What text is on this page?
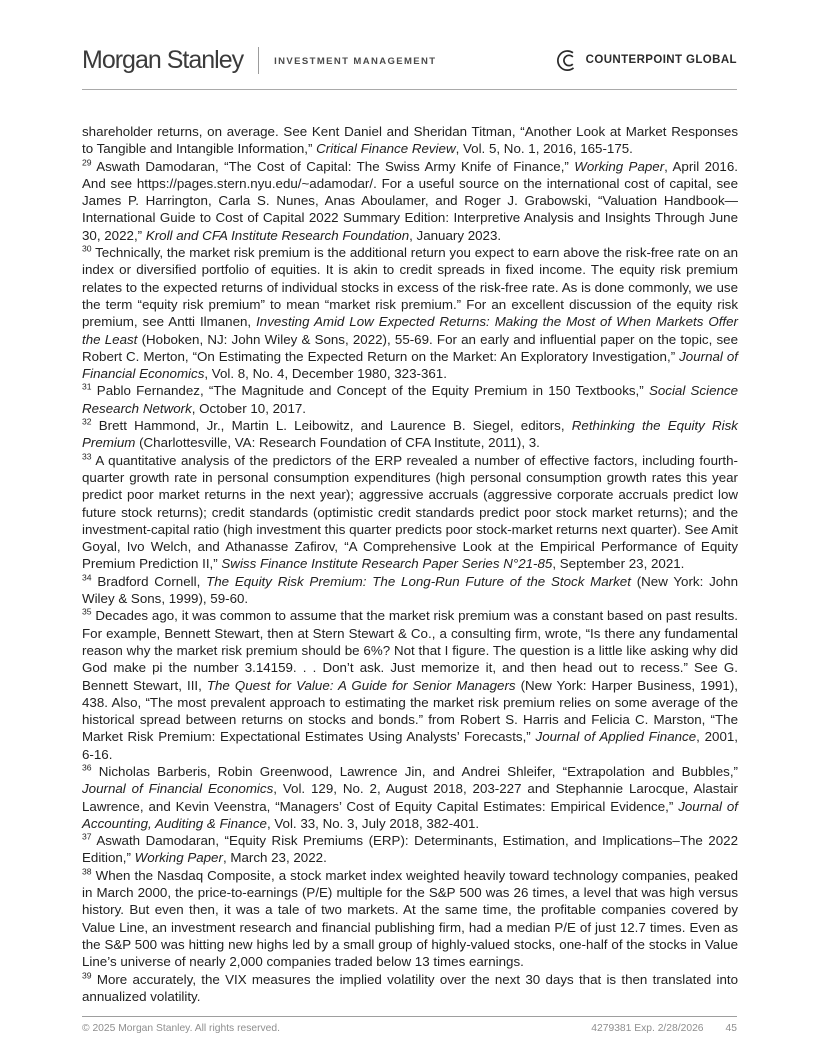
Morgan Stanley	INVESTMENT MANAGEMENT	COUNTERPOINT GLOBAL

shareholder returns, on average. See Kent Daniel and Sheridan Titman, “Another Look at Market Responses to Tangible and Intangible Information,” Critical Finance Review, Vol. 5, No. 1, 2016, 165-175.

$^{29}$ Aswath Damodaran, “The Cost of Capital: The Swiss Army Knife of Finance,” Working Paper, April 2016. And see https://pages.stern.nyu.edu/~adamodar/. For a useful source on the international cost of capital, see James P. Harrington, Carla S. Nunes, Anas Aboulamer, and Roger J. Grabowski, “Valuation Handbook—International Guide to Cost of Capital 2022 Summary Edition: Interpretive Analysis and Insights Through June 30, 2022,” Kroll and CFA Institute Research Foundation, January 2023.

$^{30}$ Technically, the market risk premium is the additional return you expect to earn above the risk-free rate on an index or diversified portfolio of equities. It is akin to credit spreads in fixed income. The equity risk premium relates to the expected returns of individual stocks in excess of the risk-free rate. As is done commonly, we use the term “equity risk premium” to mean “market risk premium.” For an excellent discussion of the equity risk premium, see Antti Ilmanen, Investing Amid Low Expected Returns: Making the Most of When Markets Offer the Least (Hoboken, NJ: John Wiley & Sons, 2022), 55-69. For an early and influential paper on the topic, see Robert C. Merton, “On Estimating the Expected Return on the Market: An Exploratory Investigation,” Journal of Financial Economics, Vol. 8, No. 4, December 1980, 323-361.

$^{31}$ Pablo Fernandez, “The Magnitude and Concept of the Equity Premium in 150 Textbooks,” Social Science Research Network, October 10, 2017.

$^{32}$ Brett Hammond, Jr., Martin L. Leibowitz, and Laurence B. Siegel, editors, Rethinking the Equity Risk Premium (Charlottesville, VA: Research Foundation of CFA Institute, 2011), 3.

$^{33}$ A quantitative analysis of the predictors of the ERP revealed a number of effective factors, including fourth-quarter growth rate in personal consumption expenditures (high personal consumption growth rates this year predict poor market returns in the next year); aggressive accruals (aggressive corporate accruals predict low future stock returns); credit standards (optimistic credit standards predict poor stock market returns); and the investment-capital ratio (high investment this quarter predicts poor stock-market returns next quarter). See Amit Goyal, Ivo Welch, and Athanasse Zafirov, “A Comprehensive Look at the Empirical Performance of Equity Premium Prediction II,” Swiss Finance Institute Research Paper Series N°21-85, September 23, 2021.

$^{34}$ Bradford Cornell, The Equity Risk Premium: The Long-Run Future of the Stock Market (New York: John Wiley & Sons, 1999), 59-60.

$^{35}$ Decades ago, it was common to assume that the market risk premium was a constant based on past results. For example, Bennett Stewart, then at Stern Stewart & Co., a consulting firm, wrote, “Is there any fundamental reason why the market risk premium should be 6%? Not that I figure. The question is a little like asking why did God make pi the number 3.14159. . . Don’t ask. Just memorize it, and then head out to recess.” See G. Bennett Stewart, III, The Quest for Value: A Guide for Senior Managers (New York: Harper Business, 1991), 438. Also, “The most prevalent approach to estimating the market risk premium relies on some average of the historical spread between returns on stocks and bonds.” from Robert S. Harris and Felicia C. Marston, “The Market Risk Premium: Expectational Estimates Using Analysts’ Forecasts,” Journal of Applied Finance, 2001, 6-16.

$^{36}$ Nicholas Barberis, Robin Greenwood, Lawrence Jin, and Andrei Shleifer, “Extrapolation and Bubbles,” Journal of Financial Economics, Vol. 129, No. 2, August 2018, 203-227 and Stephannie Larocque, Alastair Lawrence, and Kevin Veenstra, “Managers’ Cost of Equity Capital Estimates: Empirical Evidence,” Journal of Accounting, Auditing & Finance, Vol. 33, No. 3, July 2018, 382-401.

$^{37}$ Aswath Damodaran, “Equity Risk Premiums (ERP): Determinants, Estimation, and Implications–The 2022 Edition,” Working Paper, March 23, 2022.

$^{38}$ When the Nasdaq Composite, a stock market index weighted heavily toward technology companies, peaked in March 2000, the price-to-earnings (P/E) multiple for the S&P 500 was 26 times, a level that was high versus history. But even then, it was a tale of two markets. At the same time, the profitable companies covered by Value Line, an investment research and financial publishing firm, had a median P/E of just 12.7 times. Even as the S&P 500 was hitting new highs led by a small group of highly-valued stocks, one-half of the stocks in Value Line’s universe of nearly 2,000 companies traded below 13 times earnings.

$^{39}$ More accurately, the VIX measures the implied volatility over the next 30 days that is then translated into annualized volatility.

© 2025 Morgan Stanley. All rights reserved.	4279381 Exp. 2/28/2026 45
